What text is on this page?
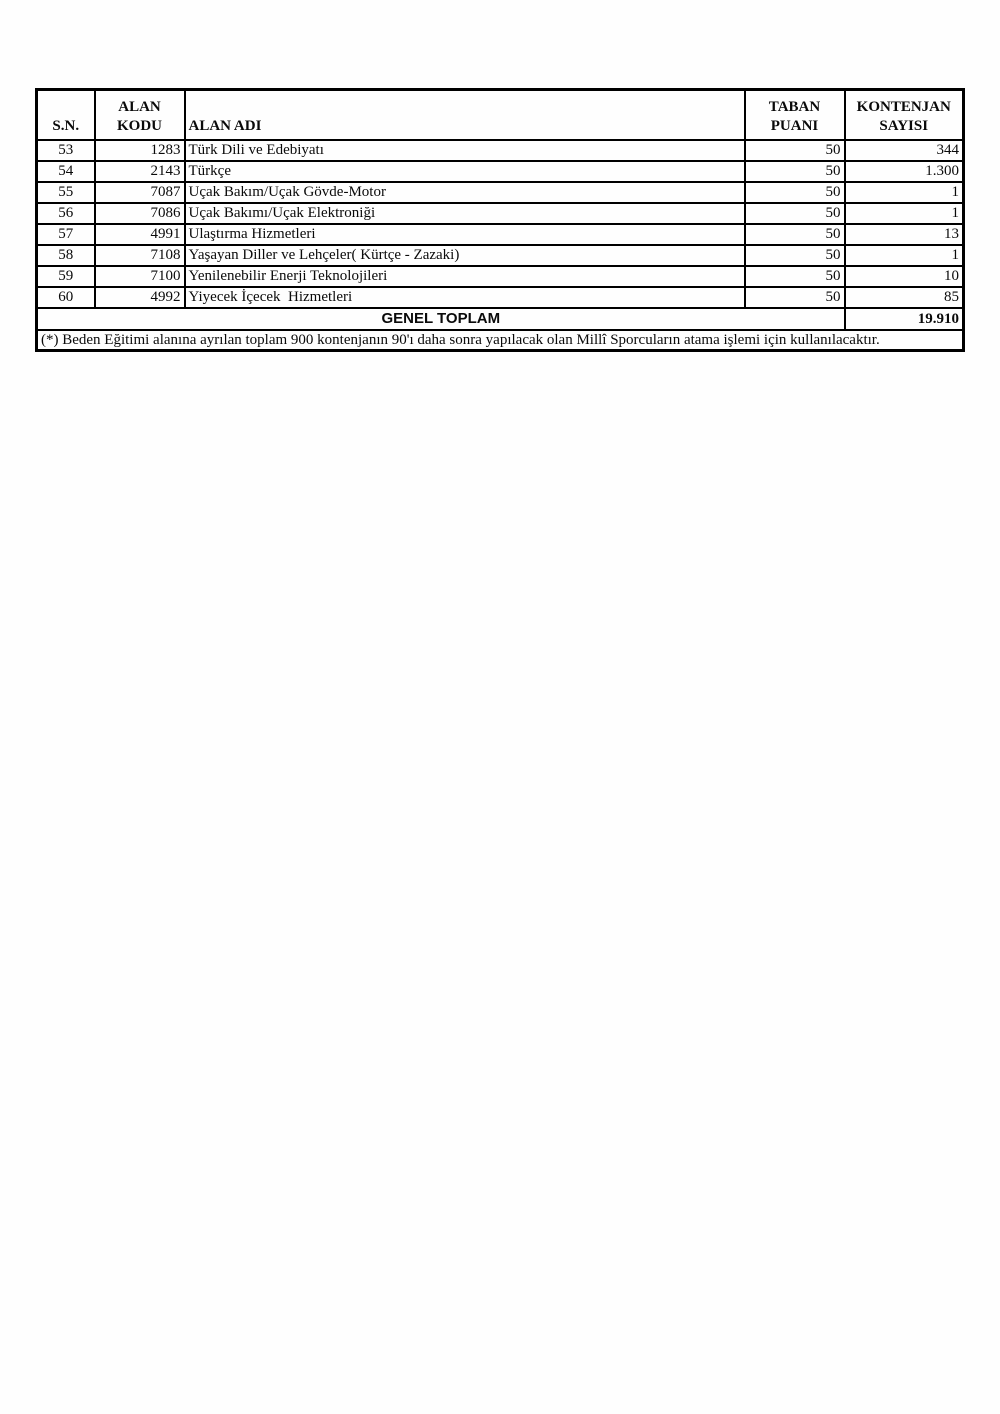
S.N.	ALAN KODU	ALAN ADI	TABAN PUANI	KONTENJAN SAYISI
53	1283	Türk Dili ve Edebiyatı	50	344
54	2143	Türkçe	50	1.300
55	7087	Uçak Bakım/Uçak Gövde-Motor	50	1
56	7086	Uçak Bakımı/Uçak Elektroniği	50	1
57	4991	Ulaştırma Hizmetleri	50	13
58	7108	Yaşayan Diller ve Lehçeler( Kürtçe - Zazaki)	50	1
59	7100	Yenilenebilir Enerji Teknolojileri	50	10
60	4992	Yiyecek İçecek  Hizmetleri	50	85
GENEL TOPLAM				19.910
(*) Beden Eğitimi alanına ayrılan toplam 900 kontenjanın 90'ı daha sonra yapılacak olan Millî Sporcuların atama işlemi için kullanılacaktır.				
